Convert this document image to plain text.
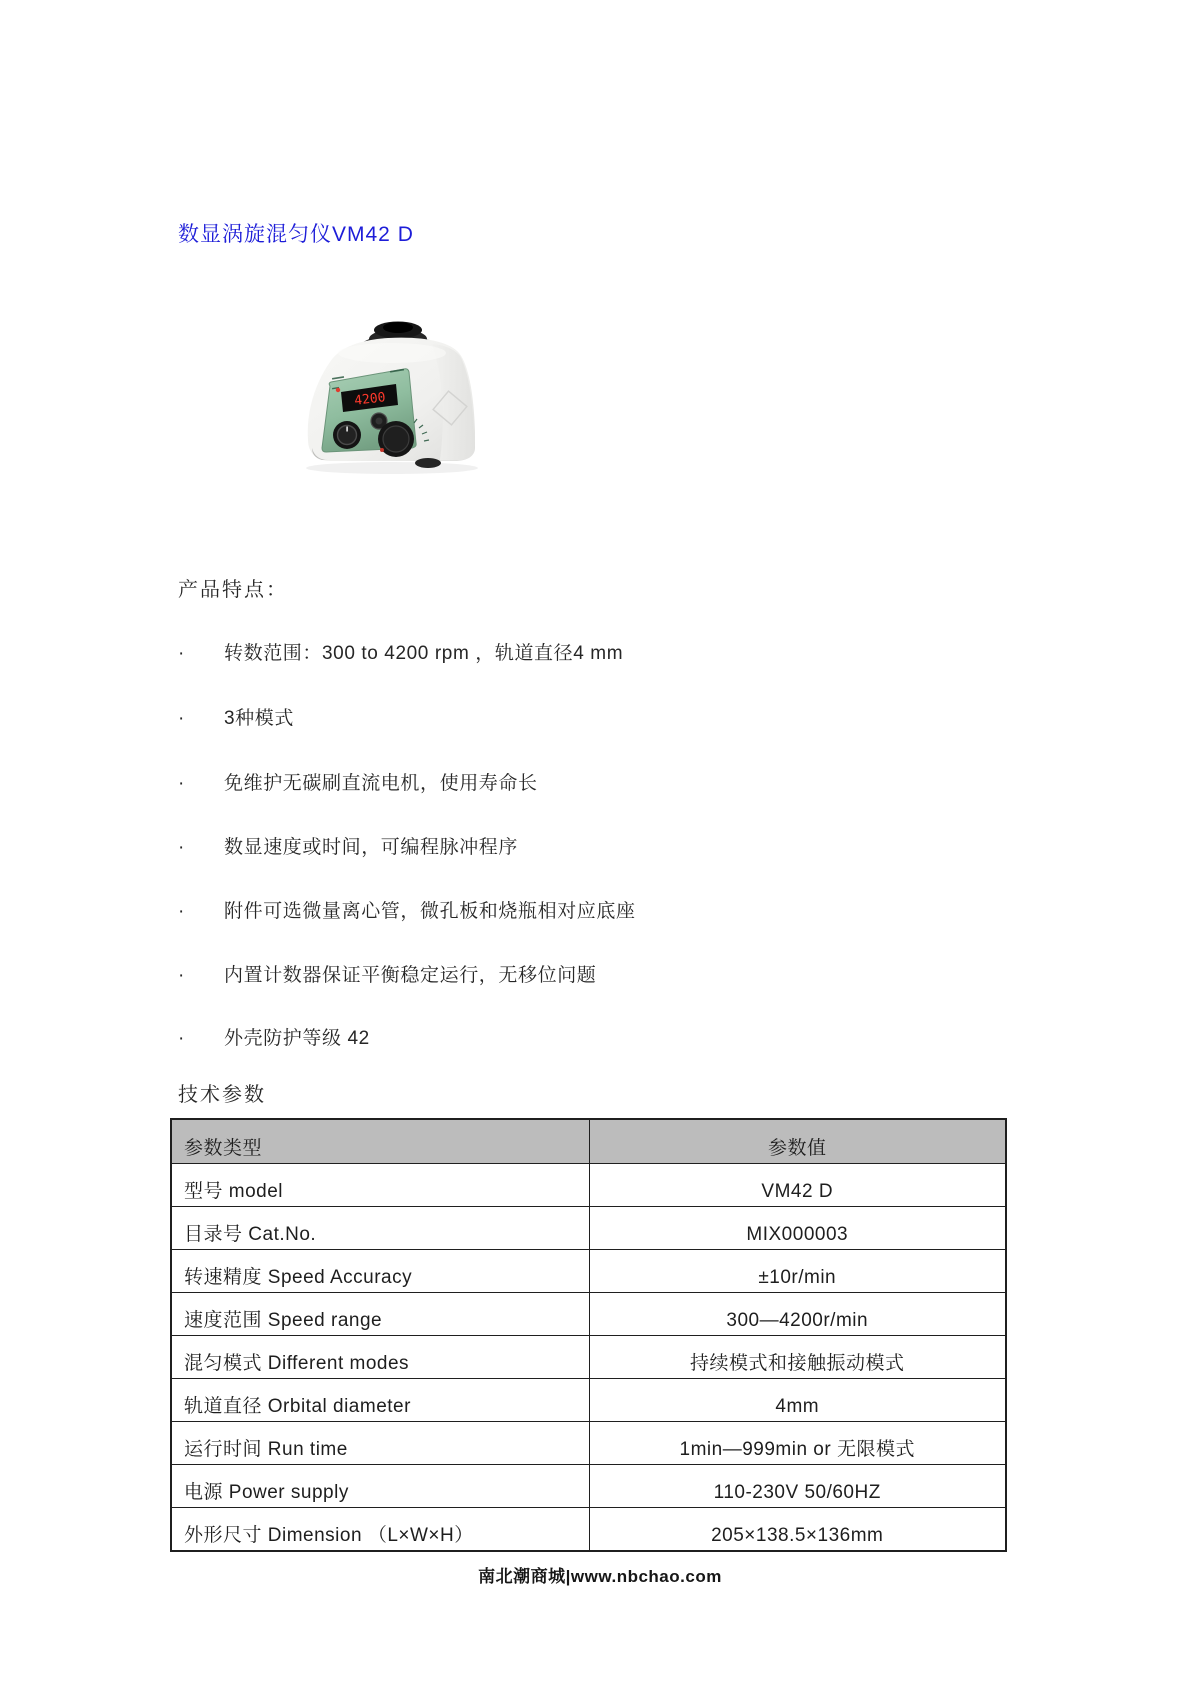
数显涡旋混匀仪VM42 D
4200
产品特点：
· 转数范围：300 to 4200 rpm ，轨道直径4 mm
· 3种模式
· 免维护无碳刷直流电机，使用寿命长
· 数显速度或时间，可编程脉冲程序
· 附件可选微量离心管，微孔板和烧瓶相对应底座
· 内置计数器保证平衡稳定运行，无移位问题
· 外壳防护等级 42
技术参数
参数类型	参数值
型号 model	VM42 D
目录号 Cat.No.	MIX000003
转速精度 Speed Accuracy	±10r/min
速度范围 Speed range	300—4200r/min
混匀模式 Different modes	持续模式和接触振动模式
轨道直径 Orbital diameter	4mm
运行时间 Run time	1min—999min or 无限模式
电源 Power supply	110-230V 50/60HZ
外形尺寸 Dimension （L×W×H）	205×138.5×136mm
南北潮商城|www.nbchao.com
